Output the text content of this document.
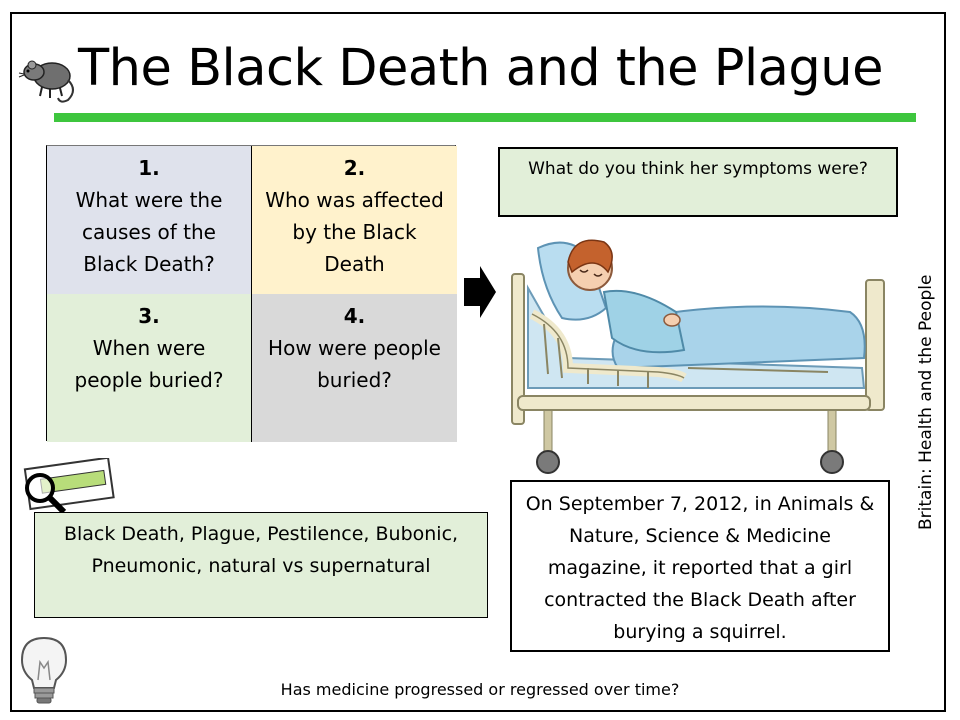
The Black Death and the Plague
1.
What were the causes of the Black Death?
2.
Who was affected by the Black Death
3.
When were people buried?
4.
How were people buried?
What do you think her symptoms were?
Britain: Health and the People
On September 7, 2012, in Animals & Nature, Science & Medicine magazine, it reported that a girl contracted the Black Death after burying a squirrel.
Black Death, Plague, Pestilence, Bubonic, Pneumonic, natural vs supernatural
Has medicine progressed or regressed over time?
